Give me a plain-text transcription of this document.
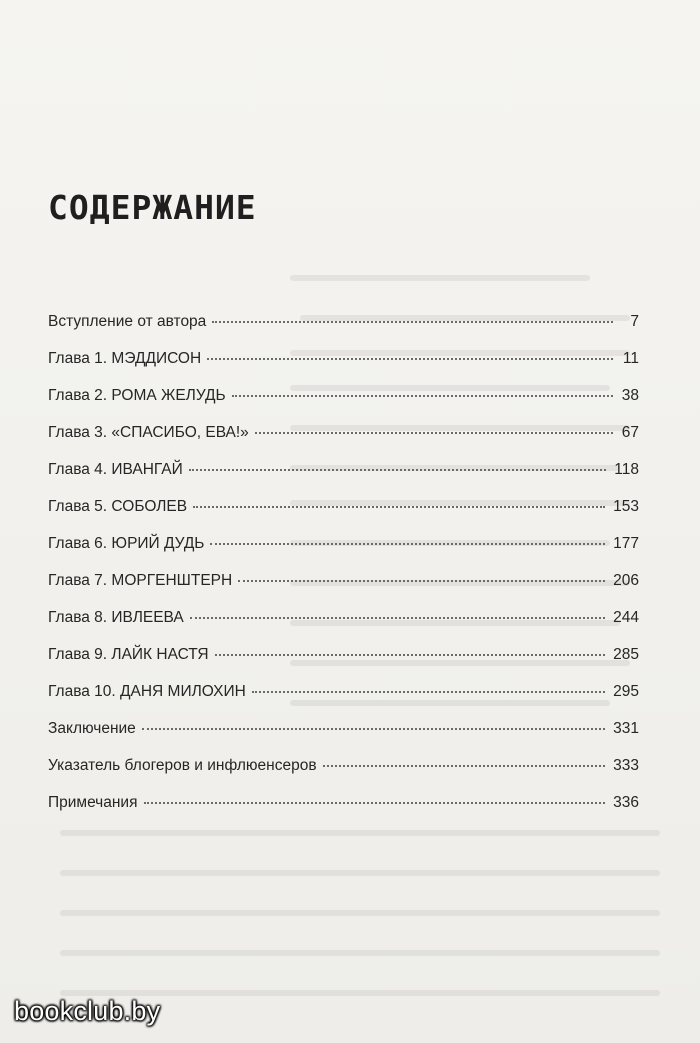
СОДЕРЖАНИЕ
Вступление от автора	7
Глава 1. МЭДДИСОН	11
Глава 2. РОМА ЖЕЛУДЬ	38
Глава 3. «СПАСИБО, ЕВА!»	67
Глава 4. ИВАНГАЙ	118
Глава 5. СОБОЛЕВ	153
Глава 6. ЮРИЙ ДУДЬ	177
Глава 7. МОРГЕНШТЕРН	206
Глава 8. ИВЛЕЕВА	244
Глава 9. ЛАЙК НАСТЯ	285
Глава 10. ДАНЯ МИЛОХИН	295
Заключение	331
Указатель блогеров и инфлюенсеров	333
Примечания	336
bookclub.by
